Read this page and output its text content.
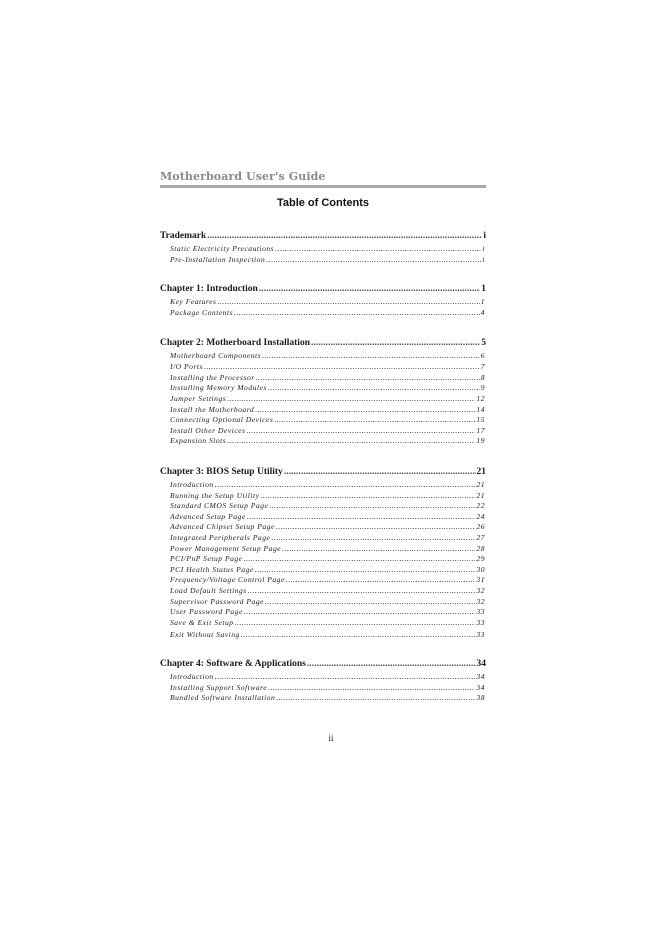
Motherboard User's Guide
Table of Contents
Trademark .....	i
Static Electricity Precautions .....	i
Pre-Installation Inspection .....	i
Chapter 1: Introduction .....	1
Key Features .....	1
Package Contents .....	4
Chapter 2: Motherboard Installation .....	5
Motherboard Components .....	6
I/O Ports .....	7
Installing the Processor .....	8
Installing Memory Modules .....	9
Jumper Settings .....	12
Install the Motherboard .....	14
Connecting Optional Devices .....	15
Install Other Devices .....	17
Expansion Slots .....	19
Chapter 3: BIOS Setup Utility .....	21
Introduction .....	21
Running the Setup Utility .....	21
Standard CMOS Setup Page .....	22
Advanced Setup Page .....	24
Advanced Chipset Setup Page .....	26
Integrated Peripherals Page .....	27
Power Management Setup Page .....	28
PCI/PnP Setup Page .....	29
PCI Health Status Page .....	30
Frequency/Voltage Control Page .....	31
Load Default Settings .....	32
Supervisor Password Page .....	32
User Password Page .....	33
Save & Exit Setup .....	33
Exit Without Saving .....	33
Chapter 4: Software & Applications .....	34
Introduction .....	34
Installing Support Software .....	34
Bundled Software Installation .....	38
ii
